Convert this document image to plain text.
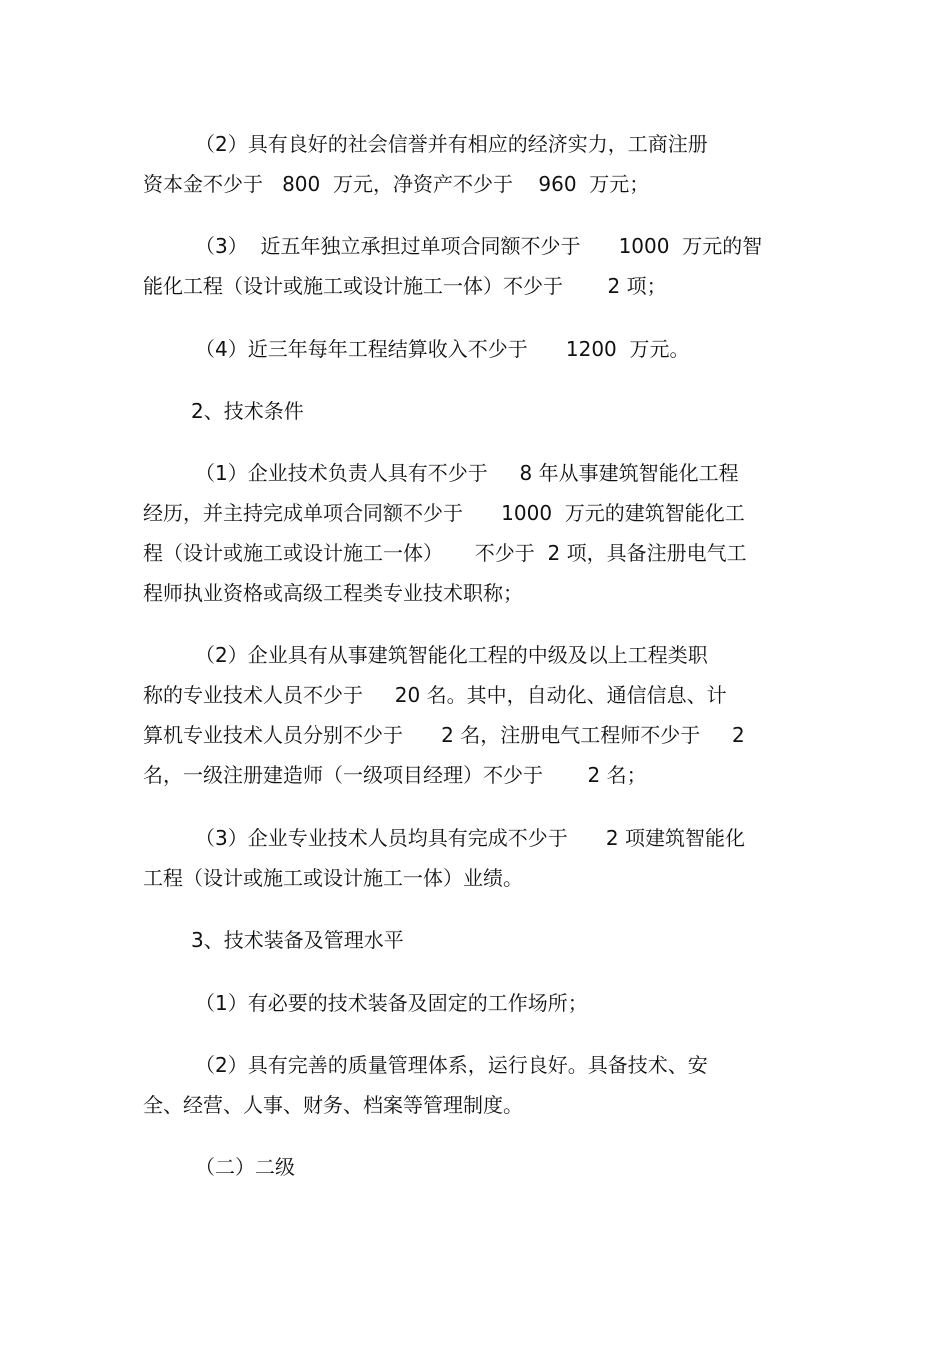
（2）具有良好的社会信誉并有相应的经济实力，工商注册
资本金不少于   800  万元，净资产不少于    960  万元；
（3）  近五年独立承担过单项合同额不少于      1000  万元的智
能化工程（设计或施工或设计施工一体）不少于       2 项；
（4）近三年每年工程结算收入不少于      1200  万元。
2、技术条件
（1）企业技术负责人具有不少于     8 年从事建筑智能化工程
经历，并主持完成单项合同额不少于      1000  万元的建筑智能化工
程（设计或施工或设计施工一体）     不少于  2 项，具备注册电气工
程师执业资格或高级工程类专业技术职称；
（2）企业具有从事建筑智能化工程的中级及以上工程类职
称的专业技术人员不少于     20 名。其中，自动化、通信信息、计
算机专业技术人员分别不少于      2 名，注册电气工程师不少于     2
名，一级注册建造师（一级项目经理）不少于       2 名；
（3）企业专业技术人员均具有完成不少于      2 项建筑智能化
工程（设计或施工或设计施工一体）业绩。
3、技术装备及管理水平
（1）有必要的技术装备及固定的工作场所；
（2）具有完善的质量管理体系，运行良好。具备技术、安
全、经营、人事、财务、档案等管理制度。
（二）二级
